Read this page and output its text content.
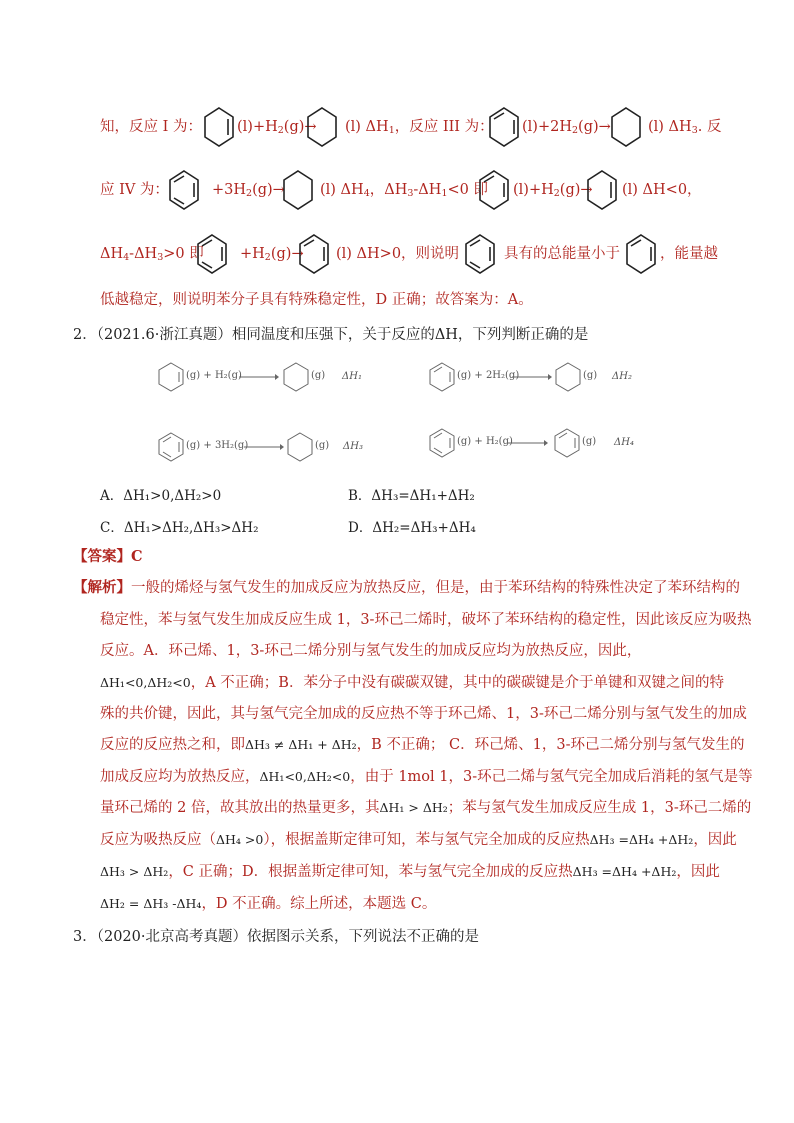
知，反应 I 为： $(l)+H_2(g)\to (l)$ $\Delta H_1$，反应 III 为： $(l)+2H_2(g)\to$	(l) $\Delta H_3$. 反
应 IV 为：	$+3H_2(g)\to (l)$ $\Delta H_4$，$\Delta H_3-\Delta H_1<0$ 即 $(l)+H_2(g)\to (l)$ ΔH<0，
$\Delta H_4-\Delta H_3>0$ 即	$+H_2(g)\to (l)$ ΔH>0，则说明	具有的总能量小于	，能量越
低越稳定，则说明苯分子具有特殊稳定性，D 正确；故答案为：A。
2．（2021.6·浙江真题）相同温度和压强下，关于反应的ΔH，下列判断正确的是
(g) + H₂(g)	(g) ΔH₁	(g) + 2H₂(g)	(g) ΔH₂
(g) + 3H₂(g)	(g) ΔH₃	(g) + H₂(g)	(g) ΔH₄
A．ΔH₁>0,ΔH₂>0	B．ΔH₃=ΔH₁+ΔH₂
C．ΔH₁>ΔH₂,ΔH₃>ΔH₂	D．ΔH₂=ΔH₃+ΔH₄
【答案】C
【解析】一般的烯烃与氢气发生的加成反应为放热反应，但是，由于苯环结构的特殊性决定了苯环结构的
稳定性，苯与氢气发生加成反应生成 1，3-环己二烯时，破坏了苯环结构的稳定性，因此该反应为吸热
反应。A．环己烯、1，3-环己二烯分别与氢气发生的加成反应均为放热反应，因此，
ΔH₁<0,ΔH₂<0，A 不正确；B．苯分子中没有碳碳双键，其中的碳碳键是介于单键和双键之间的特
殊的共价键，因此，其与氢气完全加成的反应热不等于环己烯、1，3-环己二烯分别与氢气发生的加成
反应的反应热之和，即ΔH₃ ≠ ΔH₁ + ΔH₂，B 不正确； C．环己烯、1，3-环己二烯分别与氢气发生的
加成反应均为放热反应，ΔH₁<0,ΔH₂<0，由于 1mol 1，3-环己二烯与氢气完全加成后消耗的氢气是等
量环己烯的 2 倍，故其放出的热量更多，其ΔH₁ > ΔH₂；苯与氢气发生加成反应生成 1，3-环己二烯的
反应为吸热反应（ΔH₄ >0），根据盖斯定律可知，苯与氢气完全加成的反应热ΔH₃ =ΔH₄ +ΔH₂，因此
ΔH₃ > ΔH₂，C 正确；D．根据盖斯定律可知，苯与氢气完全加成的反应热ΔH₃ =ΔH₄ +ΔH₂，因此
ΔH₂ = ΔH₃ -ΔH₄，D 不正确。综上所述，本题选 C。
3．（2020·北京高考真题）依据图示关系，下列说法不正确的是
